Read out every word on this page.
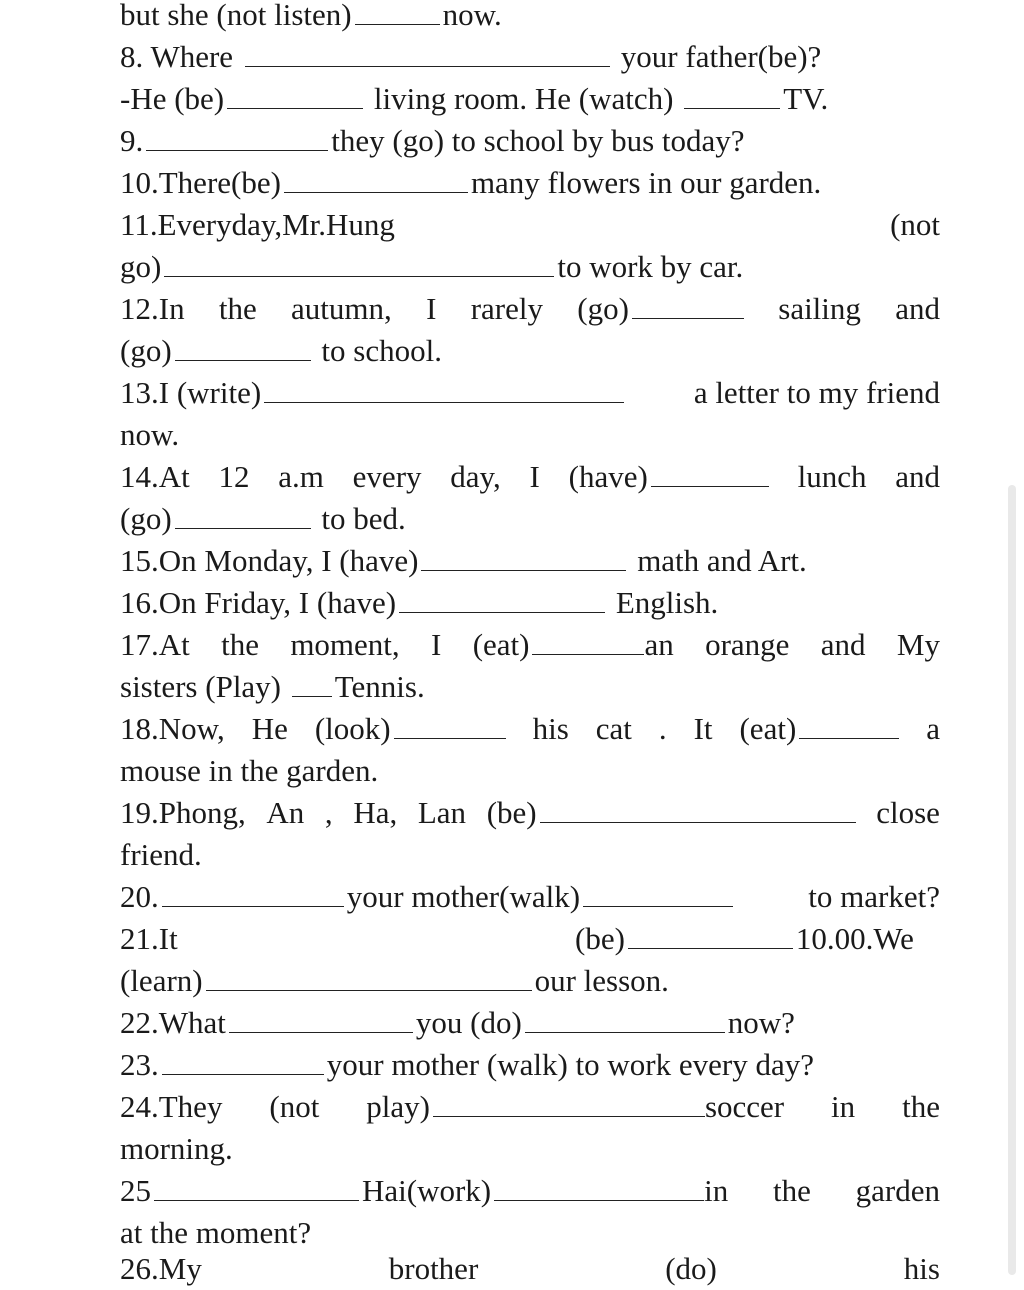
but she (not listen)	now.
8. Where	your father(be)?
-He (be)	living room. He (watch)	TV.
9.	they (go) to school by bus today?
10.There(be)	many flowers in our garden.
11.Everyday,Mr.Hung	(not
go)	to work by car.
12.In the autumn, I rarely (go)	sailing and
(go)	to school.
13.I (write)	a letter to my friend
now.
14.At 12 a.m every day, I (have)	lunch and
(go)	to bed.
15.On Monday, I (have)	math and Art.
16.On Friday, I (have)	English.
17.At the moment, I (eat)	an orange and My
sisters (Play) Tennis.
18.Now, He (look)	his cat . It (eat)	a
mouse in the garden.
19.Phong, An , Ha, Lan (be)	close
friend.
20.	your mother(walk)	to market?
21.It	(be)	10.00.We
(learn)	our lesson.
22.What	you (do)	now?
23.	your mother (walk) to work every day?
24.They (not play)	soccer in the
morning.
25	Hai(work)	in the garden
at the moment?
26.My	brother	(do)	his
